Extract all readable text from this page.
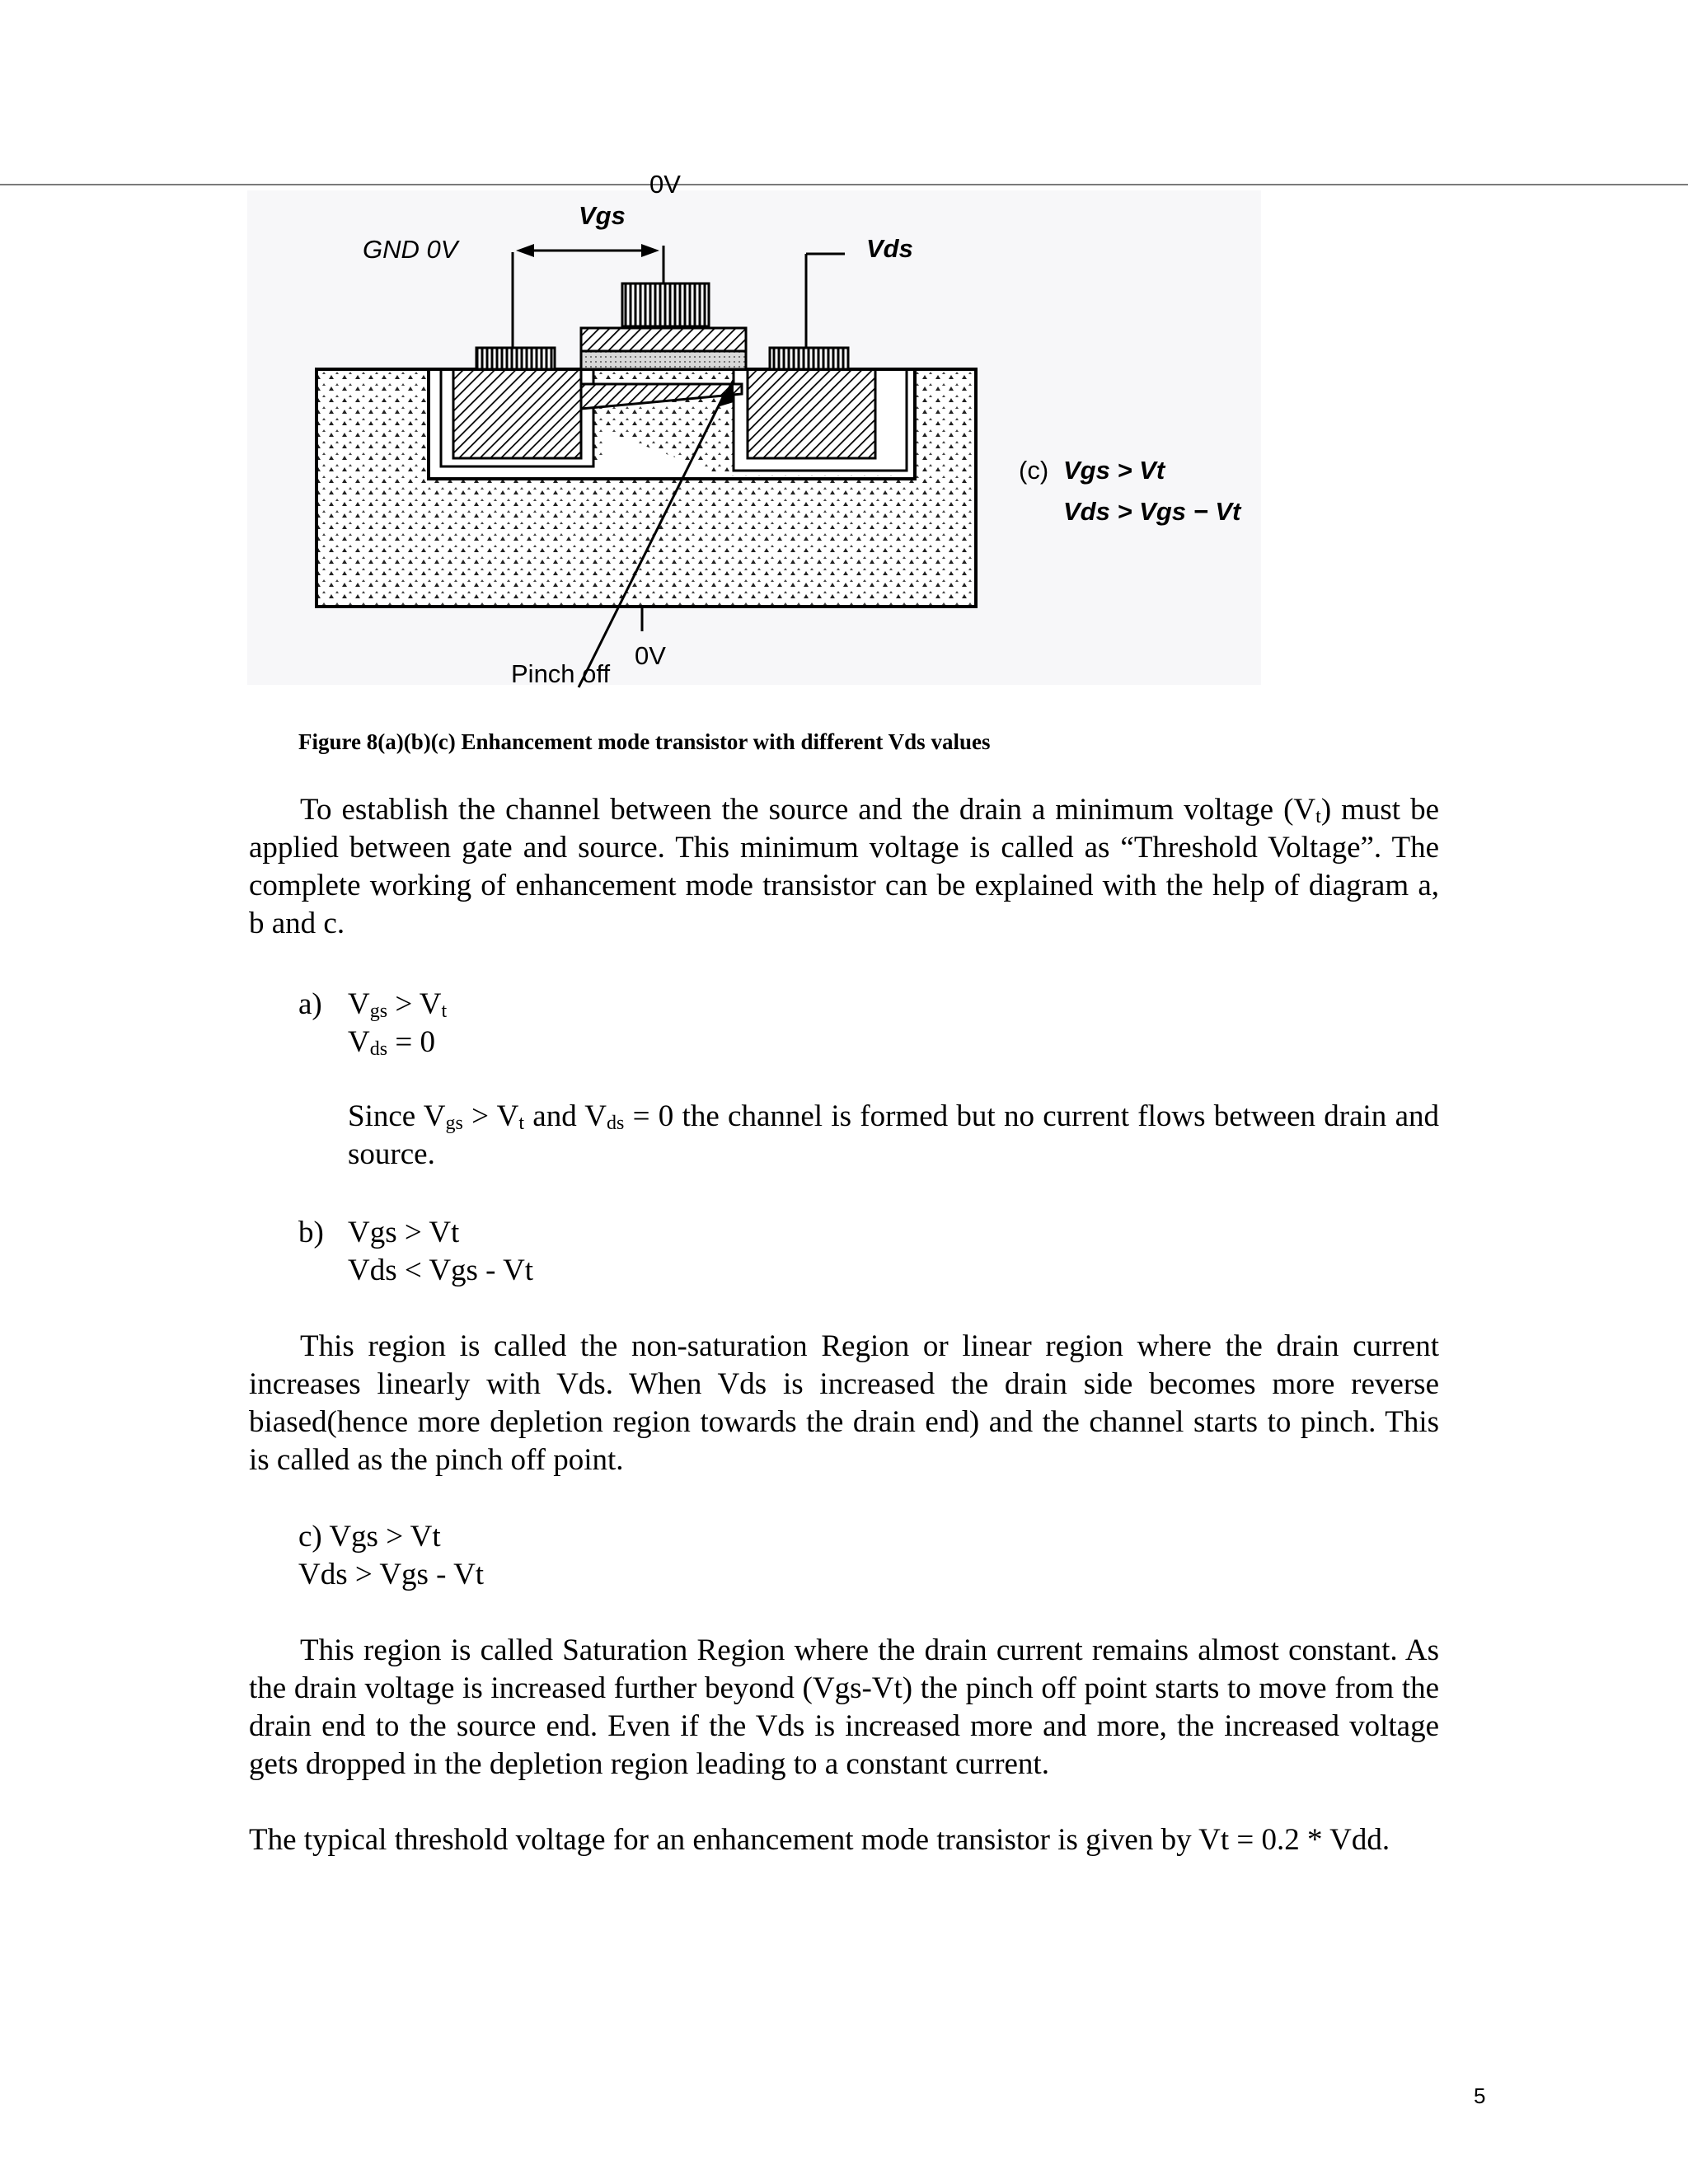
GND 0V
Vgs
0V
Vds
(c) Vgs > Vt
Vds > Vgs − Vt
Pinch off
0V
Figure 8(a)(b)(c) Enhancement mode transistor with different Vds values

To establish the channel between the source and the drain a minimum voltage $(V_t)$ must be applied between gate and source. This minimum voltage is called as “Threshold Voltage”. The complete working of enhancement mode transistor can be explained with the help of diagram a, b and c.

a) $V_{gs} > V_t$
$V_{ds} = 0$

Since $V_{gs} > V_t$ and $V_{ds} = 0$ the channel is formed but no current flows between drain and source.

b) Vgs > Vt
Vds < Vgs - Vt

This region is called the non-saturation Region or linear region where the drain current increases linearly with Vds. When Vds is increased the drain side becomes more reverse biased(hence more depletion region towards the drain end) and the channel starts to pinch. This is called as the pinch off point.

c) Vgs > Vt
Vds > Vgs - Vt

This region is called Saturation Region where the drain current remains almost constant. As the drain voltage is increased further beyond (Vgs-Vt) the pinch off point starts to move from the drain end to the source end. Even if the Vds is increased more and more, the increased voltage gets dropped in the depletion region leading to a constant current.

The typical threshold voltage for an enhancement mode transistor is given by Vt = 0.2 * Vdd.

5
